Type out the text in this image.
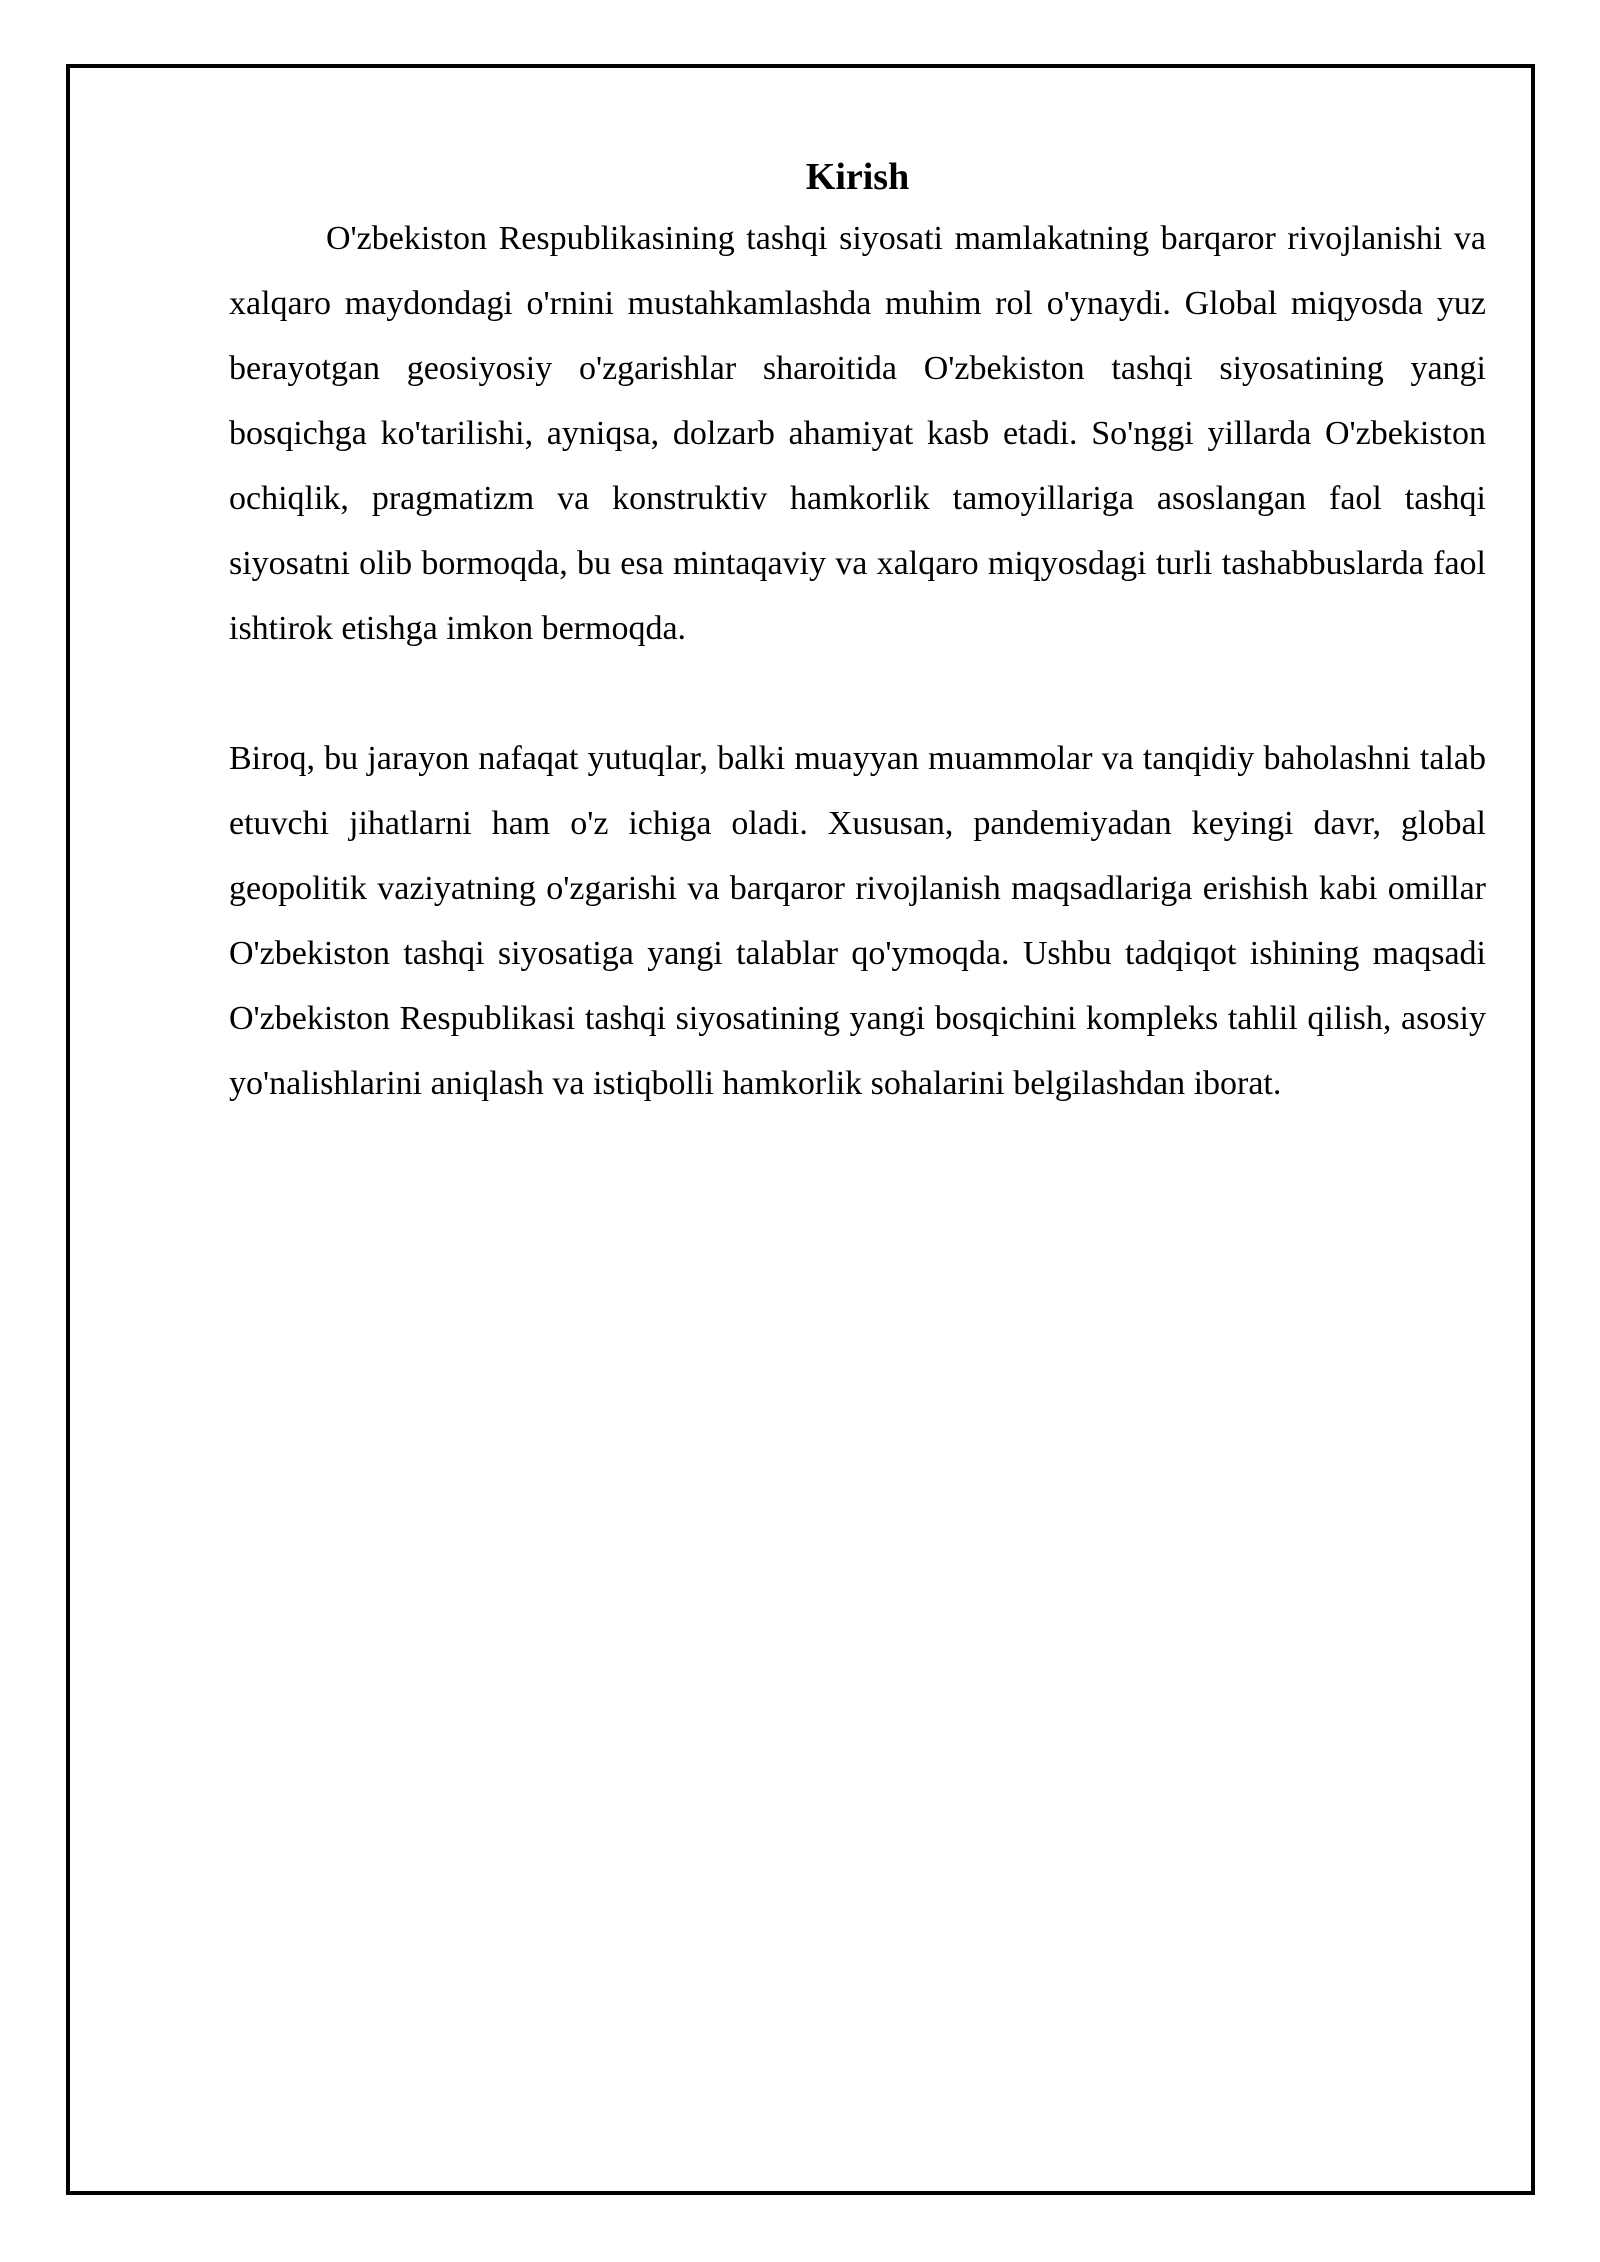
Kirish

O'zbekiston Respublikasining tashqi siyosati mamlakatning barqaror rivojlanishi va xalqaro maydondagi o'rnini mustahkamlashda muhim rol o'ynaydi. Global miqyosda yuz berayotgan geosiyosiy o'zgarishlar sharoitida O'zbekiston tashqi siyosatining yangi bosqichga ko'tarilishi, ayniqsa, dolzarb ahamiyat kasb etadi. So'nggi yillarda O'zbekiston ochiqlik, pragmatizm va konstruktiv hamkorlik tamoyillariga asoslangan faol tashqi siyosatni olib bormoqda, bu esa mintaqaviy va xalqaro miqyosdagi turli tashabbuslarda faol ishtirok etishga imkon bermoqda.

Biroq, bu jarayon nafaqat yutuqlar, balki muayyan muammolar va tanqidiy baholashni talab etuvchi jihatlarni ham o'z ichiga oladi. Xususan, pandemiyadan keyingi davr, global geopolitik vaziyatning o'zgarishi va barqaror rivojlanish maqsadlariga erishish kabi omillar O'zbekiston tashqi siyosatiga yangi talablar qo'ymoqda. Ushbu tadqiqot ishining maqsadi O'zbekiston Respublikasi tashqi siyosatining yangi bosqichini kompleks tahlil qilish, asosiy yo'nalishlarini aniqlash va istiqbolli hamkorlik sohalarini belgilashdan iborat.
